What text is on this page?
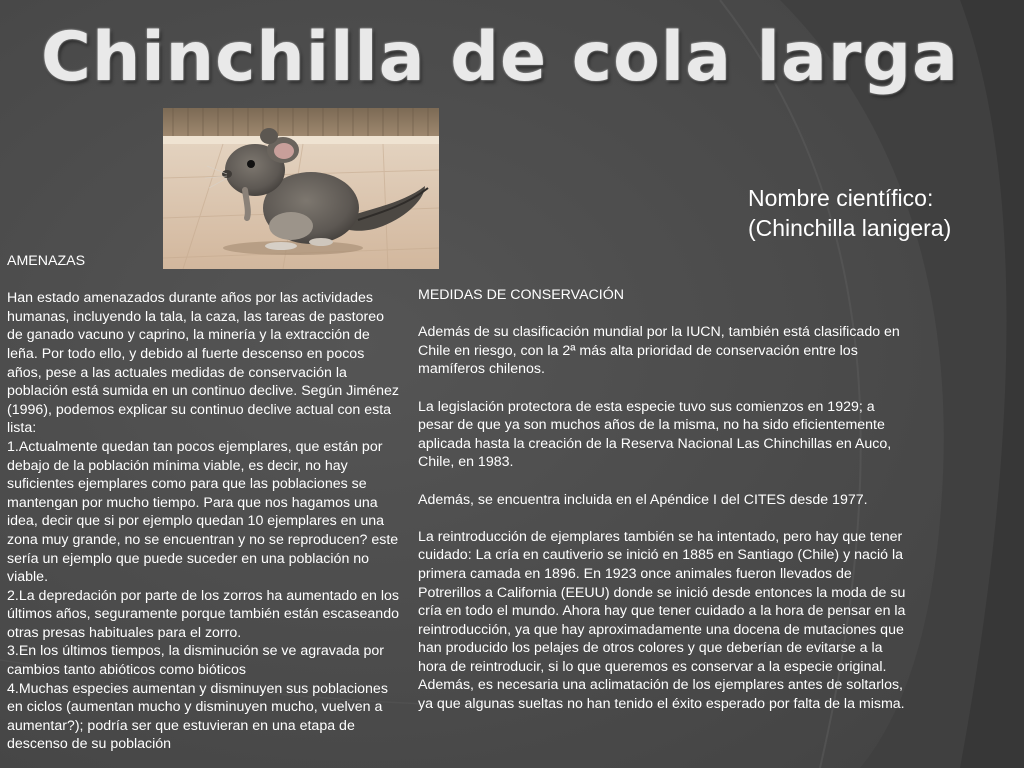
Chinchilla de cola larga
Nombre científico:
(Chinchilla lanigera)
AMENAZAS
Han estado amenazados durante años por las actividades humanas, incluyendo la tala, la caza, las tareas de pastoreo de ganado vacuno y caprino, la minería y la extracción de leña. Por todo ello, y debido al fuerte descenso en pocos años, pese a las actuales medidas de conservación la población está sumida en un continuo declive. Según Jiménez (1996), podemos explicar su continuo declive actual con esta lista:
1.Actualmente quedan tan pocos ejemplares, que están por debajo de la población mínima viable, es decir, no hay suficientes ejemplares como para que las poblaciones se mantengan por mucho tiempo. Para que nos hagamos una idea, decir que si por ejemplo quedan 10 ejemplares en una zona muy grande, no se encuentran y no se reproducen? este sería un ejemplo que puede suceder en una población no viable.
2.La depredación por parte de los zorros ha aumentado en los últimos años, seguramente porque también están escaseando otras presas habituales para el zorro.
3.En los últimos tiempos, la disminución se ve agravada por cambios tanto abióticos como bióticos
4.Muchas especies aumentan y disminuyen sus poblaciones en ciclos (aumentan mucho y disminuyen mucho, vuelven a aumentar?); podría ser que estuvieran en una etapa de descenso de su población
MEDIDAS DE CONSERVACIÓN

Además de su clasificación mundial por la IUCN, también está clasificado en Chile en riesgo, con la 2ª más alta prioridad de conservación entre los mamíferos chilenos.

La legislación protectora de esta especie tuvo sus comienzos en 1929; a pesar de que ya son muchos años de la misma, no ha sido eficientemente aplicada hasta la creación de la Reserva Nacional Las Chinchillas en Auco, Chile, en 1983.

Además, se encuentra incluida en el Apéndice I del CITES desde 1977.

La reintroducción de ejemplares también se ha intentado, pero hay que tener cuidado: La cría en cautiverio se inició en 1885 en Santiago (Chile) y nació la primera camada en 1896. En 1923 once animales fueron llevados de Potrerillos a California (EEUU) donde se inició desde entonces la moda de su cría en todo el mundo. Ahora hay que tener cuidado a la hora de pensar en la reintroducción, ya que hay aproximadamente una docena de mutaciones que han producido los pelajes de otros colores y que deberían de evitarse a la hora de reintroducir, si lo que queremos es conservar a la especie original. Además, es necesaria una aclimatación de los ejemplares antes de soltarlos, ya que algunas sueltas no han tenido el éxito esperado por falta de la misma.
